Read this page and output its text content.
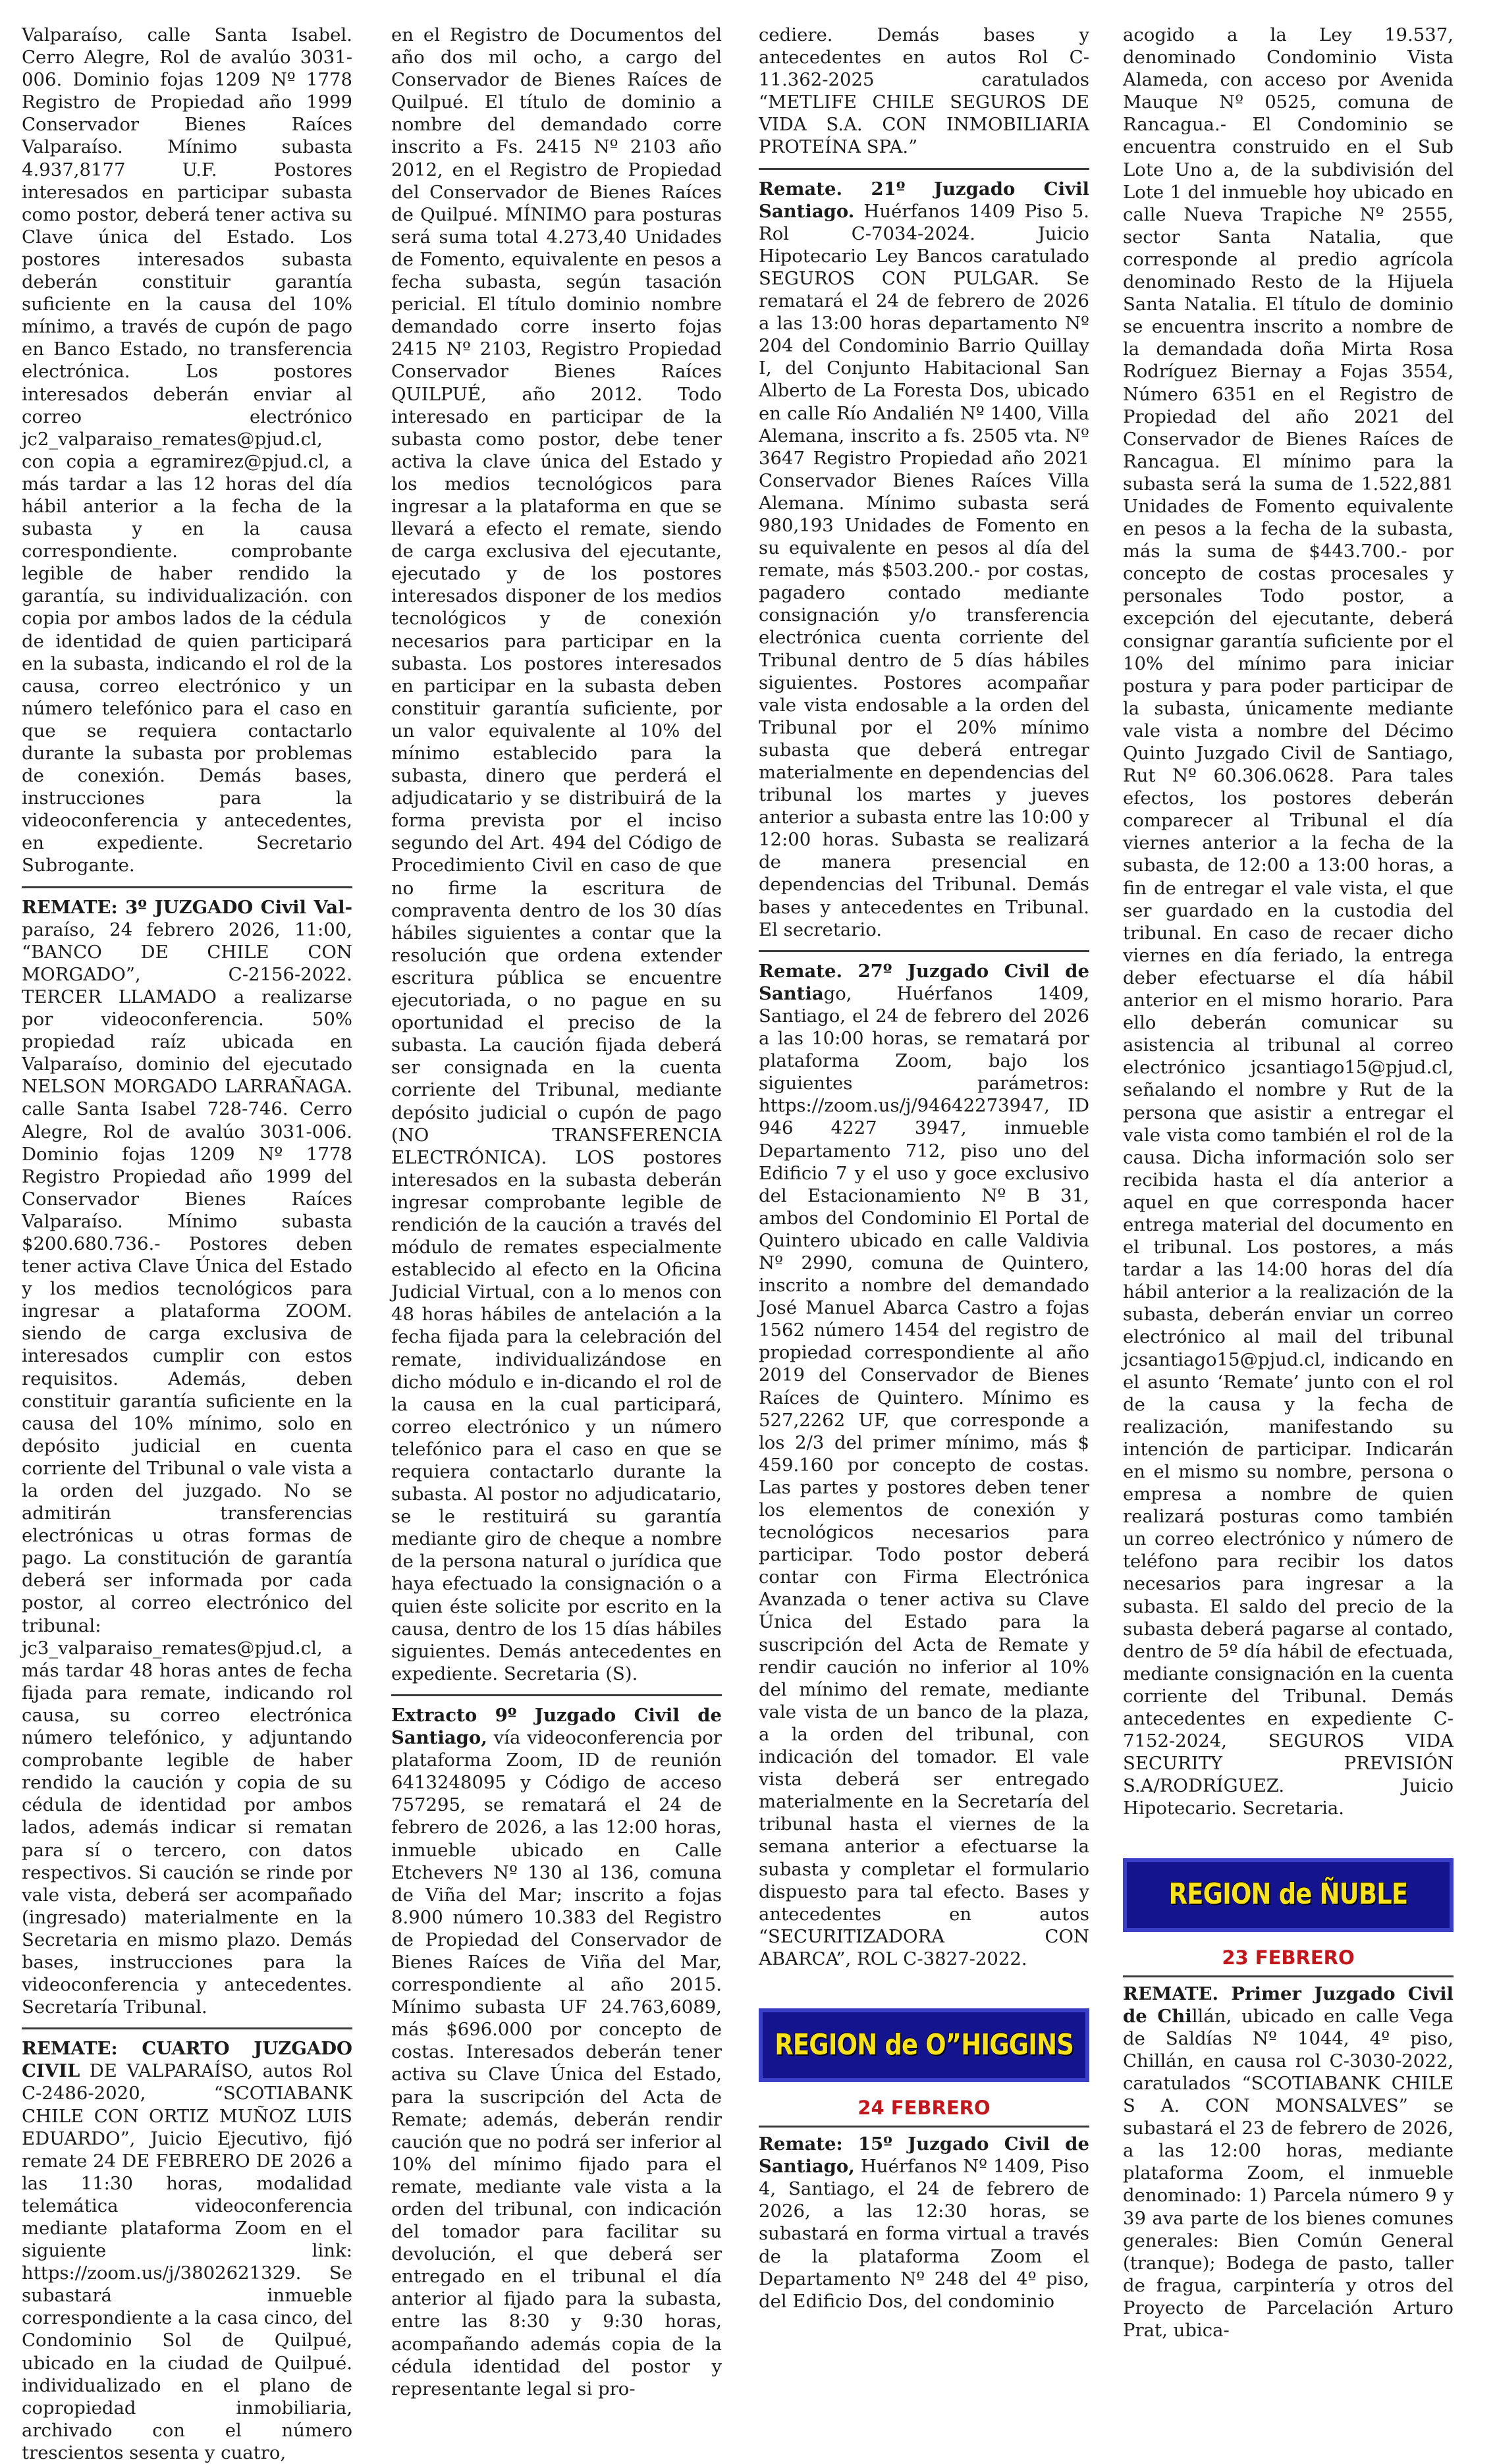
Valparaíso, calle Santa Isabel. Cerro Alegre, Rol de avalúo 3031-006. Dominio fojas 1209 Nº 1778 Registro de Propiedad año 1999 Conservador Bienes Raíces Valparaíso. Mínimo subasta 4.937,8177 U.F. Postores interesados en participar subasta como postor, deberá tener activa su Clave única del Estado. Los postores interesados subasta deberán constituir garantía suficiente en la causa del 10% mínimo, a través de cupón de pago en Banco Estado, no transferencia electrónica. Los postores interesados deberán enviar al correo electrónico jc2_valparaiso_remates@pjud.cl, con copia a egramirez@pjud.cl, a más tardar a las 12 horas del día hábil anterior a la fecha de la subasta y en la causa correspondiente. comprobante legible de haber rendido la garantía, su individualización. con copia por ambos lados de la cédula de identidad de quien participará en la subasta, indicando el rol de la causa, correo electrónico y un número telefónico para el caso en que se requiera contactarlo durante la subasta por problemas de conexión. Demás bases, instrucciones para la videoconferencia y antecedentes, en expediente. Secretario Subrogante.

REMATE: 3º JUZGADO Civil Val- paraíso, 24 febrero 2026, 11:00, “BANCO DE CHILE CON MORGADO”, C-2156-2022. TERCER LLAMADO a realizarse por videoconferencia. 50% propiedad raíz ubicada en Valparaíso, dominio del ejecutado NELSON MORGADO LARRAÑAGA. calle Santa Isabel 728-746. Cerro Alegre, Rol de avalúo 3031-006. Dominio fojas 1209 Nº 1778 Registro Propiedad año 1999 del Conservador Bienes Raíces Valparaíso. Mínimo subasta $200.680.736.- Postores deben tener activa Clave Única del Estado y los medios tecnológicos para ingresar a plataforma ZOOM. siendo de carga exclusiva de interesados cumplir con estos requisitos. Además, deben constituir garantía suficiente en la causa del 10% mínimo, solo en depósito judicial en cuenta corriente del Tribunal o vale vista a la orden del juzgado. No se admitirán transferencias electrónicas u otras formas de pago. La constitución de garantía deberá ser informada por cada postor, al correo electrónico del tribunal: jc3_valparaiso_remates@pjud.cl, a más tardar 48 horas antes de fecha fijada para remate, indicando rol causa, su correo electrónica número telefónico, y adjuntando comprobante legible de haber rendido la caución y copia de su cédula de identidad por ambos lados, además indicar si rematan para sí o tercero, con datos respectivos. Si caución se rinde por vale vista, deberá ser acompañado (ingresado) materialmente en la Secretaria en mismo plazo. Demás bases, instrucciones para la videoconferencia y antecedentes. Secretaría Tribunal.

REMATE: CUARTO JUZGADO CIVIL DE VALPARAÍSO, autos Rol C-2486-2020, “SCOTIABANK CHILE CON ORTIZ MUÑOZ LUIS EDUARDO”, Juicio Ejecutivo, fijó remate 24 DE FEBRERO DE 2026 a las 11:30 horas, modalidad telemática videoconferencia mediante plataforma Zoom en el siguiente link: https://zoom.us/j/3802621329. Se subastará inmueble correspondiente a la casa cinco, del Condominio Sol de Quilpué, ubicado en la ciudad de Quilpué. individualizado en el plano de copropiedad inmobiliaria, archivado con el número trescientos sesenta y cuatro,

en el Registro de Documentos del año dos mil ocho, a cargo del Conservador de Bienes Raíces de Quilpué. El título de dominio a nombre del demandado corre inscrito a Fs. 2415 Nº 2103 año 2012, en el Registro de Propiedad del Conservador de Bienes Raíces de Quilpué. MÍNIMO para posturas será suma total 4.273,40 Unidades de Fomento, equivalente en pesos a fecha subasta, según tasación pericial. El título dominio nombre demandado corre inserto fojas 2415 Nº 2103, Registro Propiedad Conservador Bienes Raíces QUILPUÉ, año 2012. Todo interesado en participar de la subasta como postor, debe tener activa la clave única del Estado y los medios tecnológicos para ingresar a la plataforma en que se llevará a efecto el remate, siendo de carga exclusiva del ejecutante, ejecutado y de los postores interesados disponer de los medios tecnológicos y de conexión necesarios para participar en la subasta. Los postores interesados en participar en la subasta deben constituir garantía suficiente, por un valor equivalente al 10% del mínimo establecido para la subasta, dinero que perderá el adjudicatario y se distribuirá de la forma prevista por el inciso segundo del Art. 494 del Código de Procedimiento Civil en caso de que no firme la escritura de compraventa dentro de los 30 días hábiles siguientes a contar que la resolución que ordena extender escritura pública se encuentre ejecutoriada, o no pague en su oportunidad el preciso de la subasta. La caución fijada deberá ser consignada en la cuenta corriente del Tribunal, mediante depósito judicial o cupón de pago (NO TRANSFERENCIA ELECTRÓNICA). LOS postores interesados en la subasta deberán ingresar comprobante legible de rendición de la caución a través del módulo de remates especialmente establecido al efecto en la Oficina Judicial Virtual, con a lo menos con 48 horas hábiles de antelación a la fecha fijada para la celebración del remate, individualizándose en dicho módulo e in-dicando el rol de la causa en la cual participará, correo electrónico y un número telefónico para el caso en que se requiera contactarlo durante la subasta. Al postor no adjudicatario, se le restituirá su garantía mediante giro de cheque a nombre de la persona natural o jurídica que haya efectuado la consignación o a quien éste solicite por escrito en la causa, dentro de los 15 días hábiles siguientes. Demás antecedentes en expediente. Secretaria (S).

Extracto 9º Juzgado Civil de Santiago, vía videoconferencia por plataforma Zoom, ID de reunión 6413248095 y Código de acceso 757295, se rematará el 24 de febrero de 2026, a las 12:00 horas, inmueble ubicado en Calle Etchevers Nº 130 al 136, comuna de Viña del Mar; inscrito a fojas 8.900 número 10.383 del Registro de Propiedad del Conservador de Bienes Raíces de Viña del Mar, correspondiente al año 2015. Mínimo subasta UF 24.763,6089, más $696.000 por concepto de costas. Interesados deberán tener activa su Clave Única del Estado, para la suscripción del Acta de Remate; además, deberán rendir caución que no podrá ser inferior al 10% del mínimo fijado para el remate, mediante vale vista a la orden del tribunal, con indicación del tomador para facilitar su devolución, el que deberá ser entregado en el tribunal el día anterior al fijado para la subasta, entre las 8:30 y 9:30 horas, acompañando además copia de la cédula identidad del postor y representante legal si pro-

cediere. Demás bases y antecedentes en autos Rol C-11.362-2025 caratulados “METLIFE CHILE SEGUROS DE VIDA S.A. CON INMOBILIARIA PROTEÍNA SPA.”

Remate. 21º Juzgado Civil Santiago. Huérfanos 1409 Piso 5. Rol C-7034-2024. Juicio Hipotecario Ley Bancos caratulado SEGUROS CON PULGAR. Se rematará el 24 de febrero de 2026 a las 13:00 horas departamento Nº 204 del Condominio Barrio Quillay I, del Conjunto Habitacional San Alberto de La Foresta Dos, ubicado en calle Río Andalién Nº 1400, Villa Alemana, inscrito a fs. 2505 vta. Nº 3647 Registro Propiedad año 2021 Conservador Bienes Raíces Villa Alemana. Mínimo subasta será 980,193 Unidades de Fomento en su equivalente en pesos al día del remate, más $503.200.- por costas, pagadero contado mediante consignación y/o transferencia electrónica cuenta corriente del Tribunal dentro de 5 días hábiles siguientes. Postores acompañar vale vista endosable a la orden del Tribunal por el 20% mínimo subasta que deberá entregar materialmente en dependencias del tribunal los martes y jueves anterior a subasta entre las 10:00 y 12:00 horas. Subasta se realizará de manera presencial en dependencias del Tribunal. Demás bases y antecedentes en Tribunal. El secretario.

Remate. 27º Juzgado Civil de Santiago, Huérfanos 1409, Santiago, el 24 de febrero del 2026 a las 10:00 horas, se rematará por plataforma Zoom, bajo los siguientes parámetros: https://zoom.us/j/94642273947, ID 946 4227 3947, inmueble Departamento 712, piso uno del Edificio 7 y el uso y goce exclusivo del Estacionamiento Nº B 31, ambos del Condominio El Portal de Quintero ubicado en calle Valdivia Nº 2990, comuna de Quintero, inscrito a nombre del demandado José Manuel Abarca Castro a fojas 1562 número 1454 del registro de propiedad correspondiente al año 2019 del Conservador de Bienes Raíces de Quintero. Mínimo es 527,2262 UF, que corresponde a los 2/3 del primer mínimo, más $ 459.160 por concepto de costas. Las partes y postores deben tener los elementos de conexión y tecnológicos necesarios para participar. Todo postor deberá contar con Firma Electrónica Avanzada o tener activa su Clave Única del Estado para la suscripción del Acta de Remate y rendir caución no inferior al 10% del mínimo del remate, mediante vale vista de un banco de la plaza, a la orden del tribunal, con indicación del tomador. El vale vista deberá ser entregado materialmente en la Secretaría del tribunal hasta el viernes de la semana anterior a efectuarse la subasta y completar el formulario dispuesto para tal efecto. Bases y antecedentes en autos “SECURITIZADORA CON ABARCA”, ROL C-3827-2022.

REGION de O”HIGGINS
24 FEBRERO

Remate: 15º Juzgado Civil de Santiago, Huérfanos Nº 1409, Piso 4, Santiago, el 24 de febrero de 2026, a las 12:30 horas, se subastará en forma virtual a través de la plataforma Zoom el Departamento Nº 248 del 4º piso, del Edificio Dos, del condominio

acogido a la Ley 19.537, denominado Condominio Vista Alameda, con acceso por Avenida Mauque Nº 0525, comuna de Rancagua.- El Condominio se encuentra construido en el Sub Lote Uno a, de la subdivisión del Lote 1 del inmueble hoy ubicado en calle Nueva Trapiche Nº 2555, sector Santa Natalia, que corresponde al predio agrícola denominado Resto de la Hijuela Santa Natalia. El título de dominio se encuentra inscrito a nombre de la demandada doña Mirta Rosa Rodríguez Biernay a Fojas 3554, Número 6351 en el Registro de Propiedad del año 2021 del Conservador de Bienes Raíces de Rancagua. El mínimo para la subasta será la suma de 1.522,881 Unidades de Fomento equivalente en pesos a la fecha de la subasta, más la suma de $443.700.- por concepto de costas procesales y personales Todo postor, a excepción del ejecutante, deberá consignar garantía suficiente por el 10% del mínimo para iniciar postura y para poder participar de la subasta, únicamente mediante vale vista a nombre del Décimo Quinto Juzgado Civil de Santiago, Rut Nº 60.306.0628. Para tales efectos, los postores deberán comparecer al Tribunal el día viernes anterior a la fecha de la subasta, de 12:00 a 13:00 horas, a fin de entregar el vale vista, el que ser guardado en la custodia del tribunal. En caso de recaer dicho viernes en día feriado, la entrega deber efectuarse el día hábil anterior en el mismo horario. Para ello deberán comunicar su asistencia al tribunal al correo electrónico jcsantiago15@pjud.cl, señalando el nombre y Rut de la persona que asistir a entregar el vale vista como también el rol de la causa. Dicha información solo ser recibida hasta el día anterior a aquel en que corresponda hacer entrega material del documento en el tribunal. Los postores, a más tardar a las 14:00 horas del día hábil anterior a la realización de la subasta, deberán enviar un correo electrónico al mail del tribunal jcsantiago15@pjud.cl, indicando en el asunto ‘Remate’ junto con el rol de la causa y la fecha de realización, manifestando su intención de participar. Indicarán en el mismo su nombre, persona o empresa a nombre de quien realizará posturas como también un correo electrónico y número de teléfono para recibir los datos necesarios para ingresar a la subasta. El saldo del precio de la subasta deberá pagarse al contado, dentro de 5º día hábil de efectuada, mediante consignación en la cuenta corriente del Tribunal. Demás antecedentes en expediente C-7152-2024, SEGUROS VIDA SECURITY PREVISIÓN S.A/RODRÍGUEZ. Juicio Hipotecario. Secretaria.

REGION de ÑUBLE
23 FEBRERO

REMATE. Primer Juzgado Civil de Chillán, ubicado en calle Vega de Saldías Nº 1044, 4º piso, Chillán, en causa rol C-3030-2022, caratulados “SCOTIABANK CHILE S A. CON MONSALVES” se subastará el 23 de febrero de 2026, a las 12:00 horas, mediante plataforma Zoom, el inmueble denominado: 1) Parcela número 9 y 39 ava parte de los bienes comunes generales: Bien Común General (tranque); Bodega de pasto, taller de fragua, carpintería y otros del Proyecto de Parcelación Arturo Prat, ubica-
